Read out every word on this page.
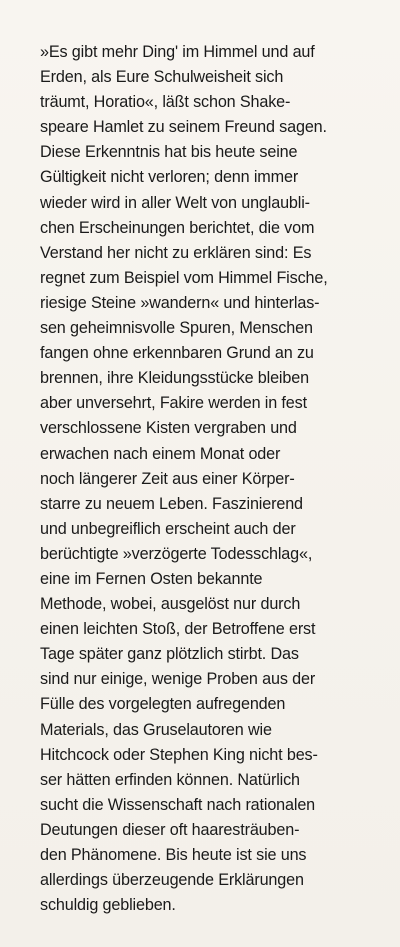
»Es gibt mehr Ding' im Himmel und auf
Erden, als Eure Schulweisheit sich
träumt, Horatio«, läßt schon Shake-
speare Hamlet zu seinem Freund sagen.
Diese Erkenntnis hat bis heute seine
Gültigkeit nicht verloren; denn immer
wieder wird in aller Welt von unglaubli-
chen Erscheinungen berichtet, die vom
Verstand her nicht zu erklären sind: Es
regnet zum Beispiel vom Himmel Fische,
riesige Steine »wandern« und hinterlas-
sen geheimnisvolle Spuren, Menschen
fangen ohne erkennbaren Grund an zu
brennen, ihre Kleidungsstücke bleiben
aber unversehrt, Fakire werden in fest
verschlossene Kisten vergraben und
erwachen nach einem Monat oder
noch längerer Zeit aus einer Körper-
starre zu neuem Leben. Faszinierend
und unbegreiflich erscheint auch der
berüchtigte »verzögerte Todesschlag«,
eine im Fernen Osten bekannte
Methode, wobei, ausgelöst nur durch
einen leichten Stoß, der Betroffene erst
Tage später ganz plötzlich stirbt. Das
sind nur einige, wenige Proben aus der
Fülle des vorgelegten aufregenden
Materials, das Gruselautoren wie
Hitchcock oder Stephen King nicht bes-
ser hätten erfinden können. Natürlich
sucht die Wissenschaft nach rationalen
Deutungen dieser oft haaresträuben-
den Phänomene. Bis heute ist sie uns
allerdings überzeugende Erklärungen
schuldig geblieben.
